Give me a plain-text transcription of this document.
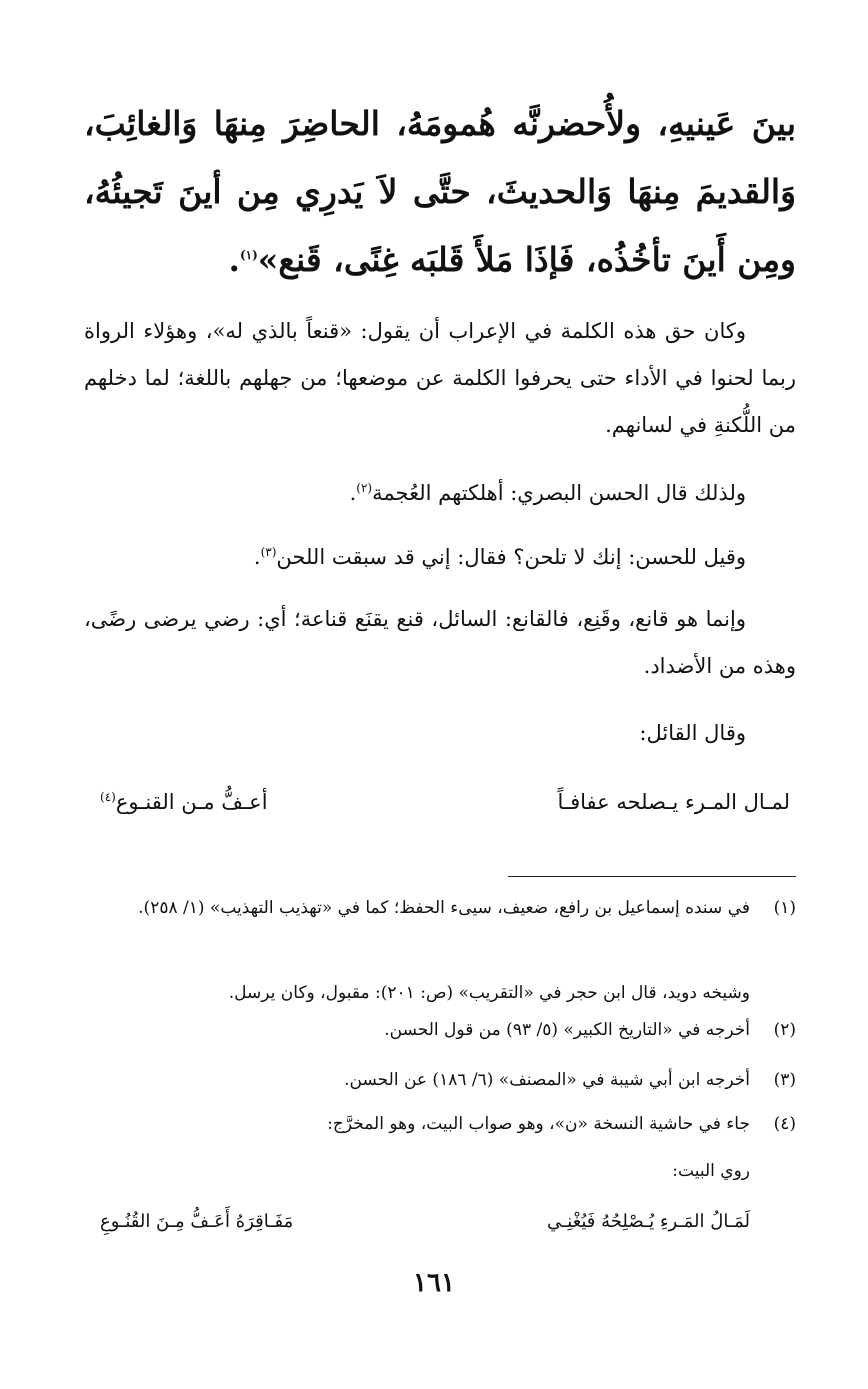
بينَ عَينيهِ، ولأُحضرنَّه هُمومَهُ، الحاضِرَ مِنهَا وَالغائِبَ، وَالقديمَ مِنهَا وَالحديثَ، حتَّى لاَ يَدرِي مِن أينَ تَجيئُهُ، ومِن أَينَ تأخُذُه، فَإذَا مَلأَ قَلبَه غِنًى، قَنع»$^{(١)}$.
وكان حق هذه الكلمة في الإعراب أن يقول: «قنعاً بالذي له»، وهؤلاء الرواة ربما لحنوا في الأداء حتى يحرفوا الكلمة عن موضعها؛ من جهلهم باللغة؛ لما دخلهم من اللُّكنةِ في لسانهم.
ولذلك قال الحسن البصري: أهلكتهم العُجمة$^{(٢)}$.
وقيل للحسن: إنك لا تلحن؟ فقال: إني قد سبقت اللحن$^{(٣)}$.
وإنما هو قانع، وقَنِع، فالقانع: السائل، قنع يقنَع قناعة؛ أي: رضي يرضى رضًى، وهذه من الأضداد.
وقال القائل:
لمـال المـرء يـصلحه عفافـاً
أعـفُّ مـن القنـوع$^{(٤)}$
(١)
في سنده إسماعيل بن رافع، ضعيف، سيىء الحفظ؛ كما في «تهذيب التهذيب» (١/ ٢٥٨).
وشيخه دويد، قال ابن حجر في «التقريب» (ص: ٢٠١): مقبول، وكان يرسل.
(٢)
أخرجه في «التاريخ الكبير» (٥/ ٩٣) من قول الحسن.
(٣)
أخرجه ابن أبي شيبة في «المصنف» (٦/ ١٨٦) عن الحسن.
(٤)
جاء في حاشية النسخة «ن»، وهو صواب البيت، وهو المخرَّج:
روي البيت:
لَمَـالُ المَـرءِ يُـصْلِحُهُ فَيُغْنِـي
مَفَـاقِرَهُ أَعَـفُّ مِـنَ القُنُـوعِ
١٦١
